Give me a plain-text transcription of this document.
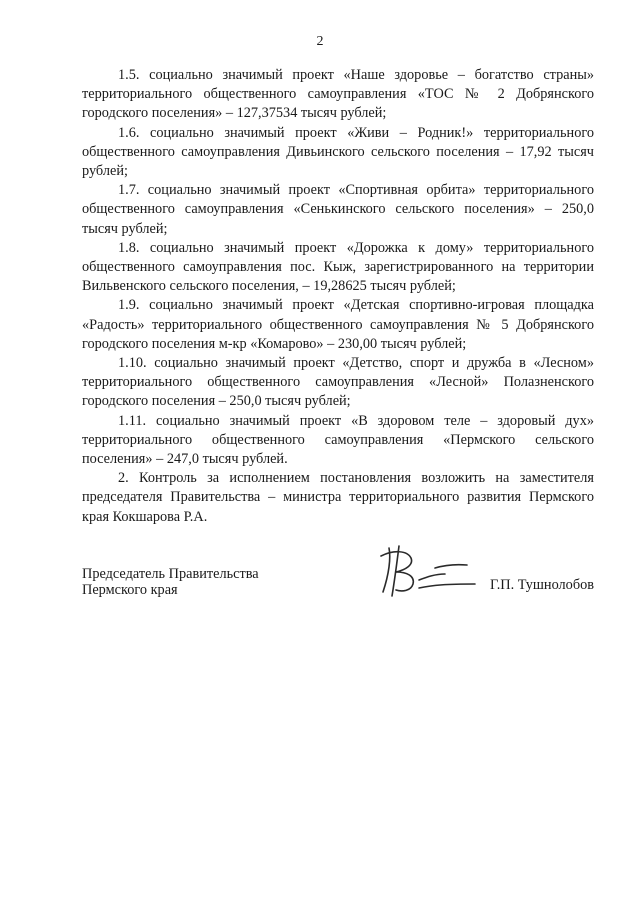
2

1.5. социально значимый проект «Наше здоровье – богатство страны» территориального общественного самоуправления «ТОС № 2 Добрянского городского поселения» – 127,37534 тысяч рублей;

1.6. социально значимый проект «Живи – Родник!» территориального общественного самоуправления Дивьинского сельского поселения – 17,92 тысяч рублей;

1.7. социально значимый проект «Спортивная орбита» территориального общественного самоуправления «Сенькинского сельского поселения» – 250,0 тысяч рублей;

1.8. социально значимый проект «Дорожка к дому» территориального общественного самоуправления пос. Кыж, зарегистрированного на территории Вильвенского сельского поселения, – 19,28625 тысяч рублей;

1.9. социально значимый проект «Детская спортивно-игровая площадка «Радость» территориального общественного самоуправления № 5 Добрянского городского поселения м-кр «Комарово» – 230,00 тысяч рублей;

1.10. социально значимый проект «Детство, спорт и дружба в «Лесном» территориального общественного самоуправления «Лесной» Полазненского городского поселения – 250,0 тысяч рублей;

1.11. социально значимый проект «В здоровом теле – здоровый дух» территориального общественного самоуправления «Пермского сельского поселения» – 247,0 тысяч рублей.

2. Контроль за исполнением постановления возложить на заместителя председателя Правительства – министра территориального развития Пермского края Кокшарова Р.А.

Председатель Правительства
Пермского края	Г.П. Тушнолобов
